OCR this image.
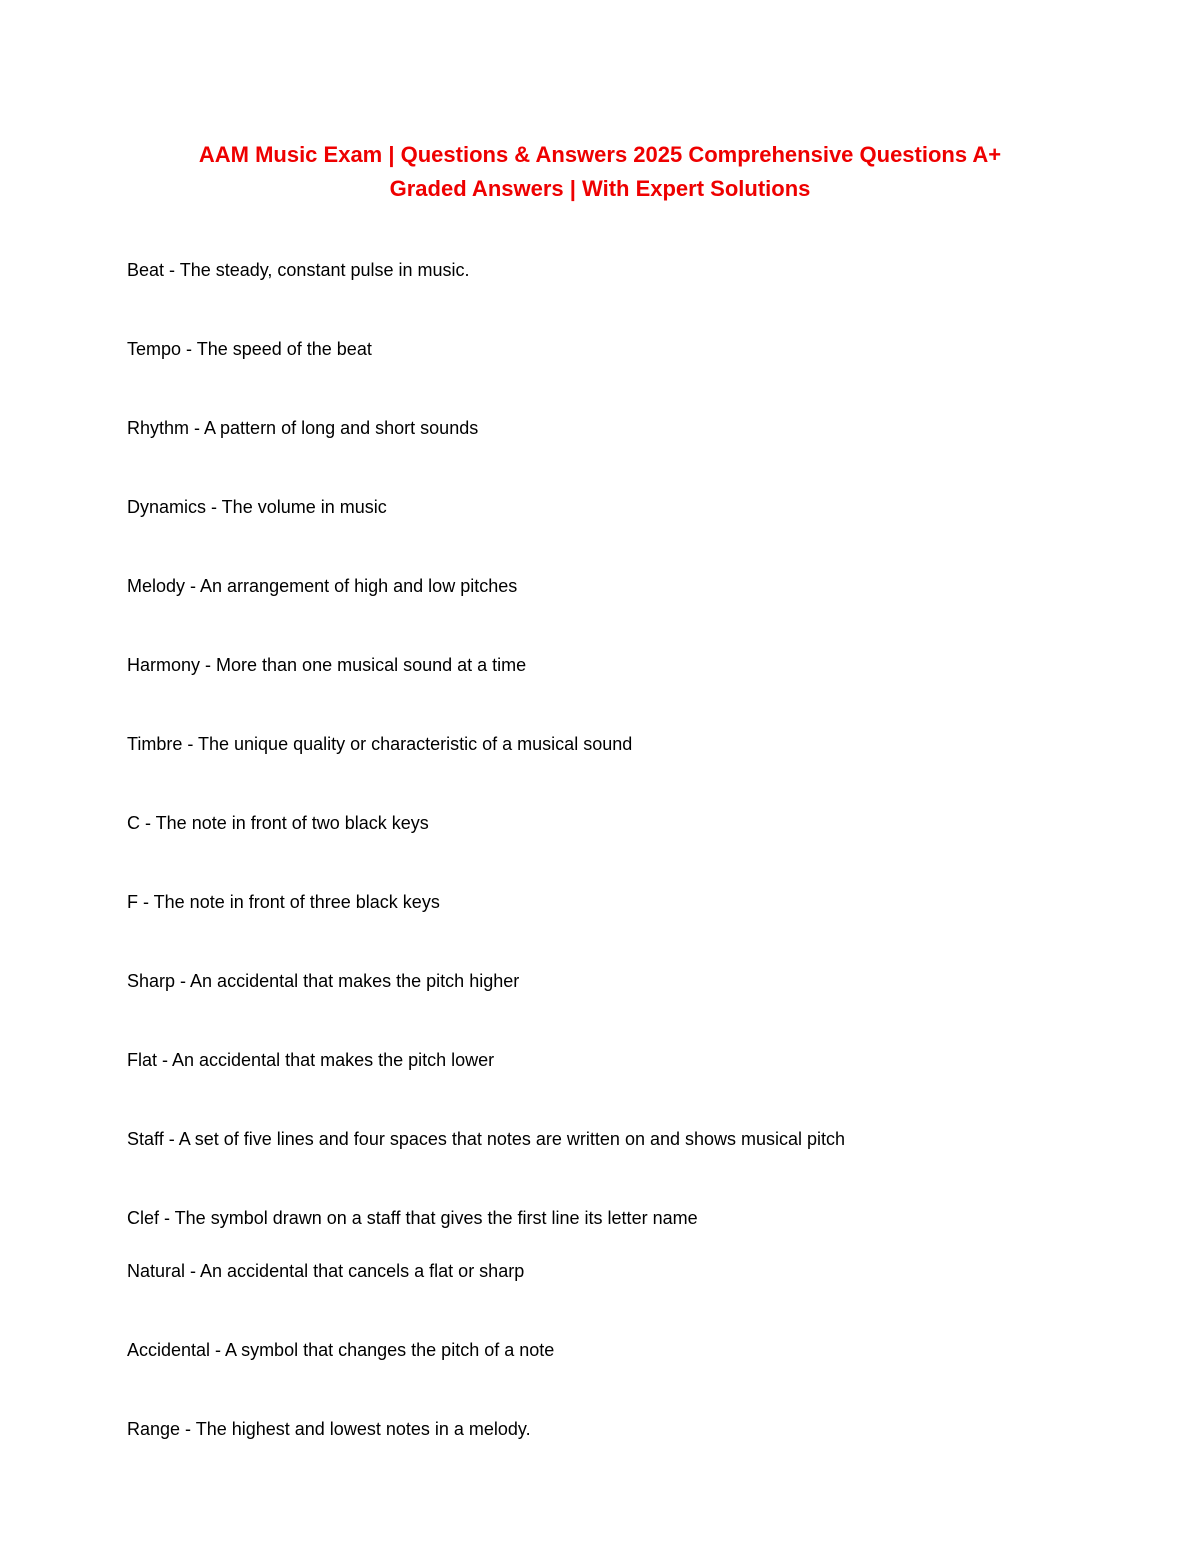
AAM Music Exam | Questions & Answers 2025 Comprehensive Questions A+
Graded Answers | With Expert Solutions
Beat - The steady, constant pulse in music.
Tempo - The speed of the beat
Rhythm - A pattern of long and short sounds
Dynamics - The volume in music
Melody - An arrangement of high and low pitches
Harmony - More than one musical sound at a time
Timbre - The unique quality or characteristic of a musical sound
C - The note in front of two black keys
F - The note in front of three black keys
Sharp - An accidental that makes the pitch higher
Flat - An accidental that makes the pitch lower
Staff - A set of five lines and four spaces that notes are written on and shows musical pitch
Clef - The symbol drawn on a staff that gives the first line its letter name
Natural - An accidental that cancels a flat or sharp
Accidental - A symbol that changes the pitch of a note
Range - The highest and lowest notes in a melody.
